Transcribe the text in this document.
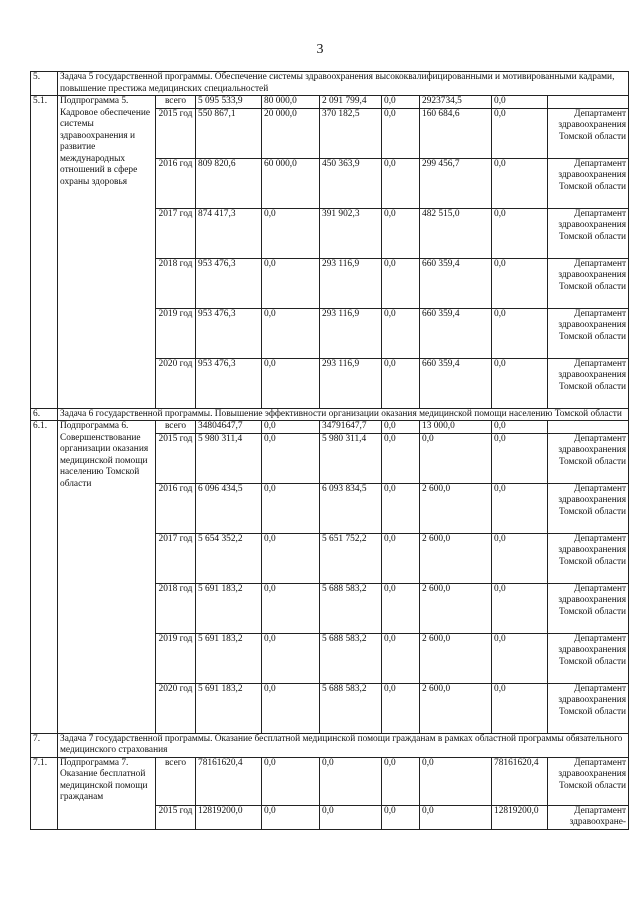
3
5.	Задача 5 государственной программы. Обеспечение системы здравоохранения высококвалифицированными и мотивированными кадрами, повышение престижа медицинских специальностей								
5.1.	Подпрограмма 5. Кадровое обеспечение системы здравоохранения и развитие международных отношений в сфере охраны здоровья	всего	5 095 533,9	80 000,0	2 091 799,4	0,0	2923734,5	0,0	
		2015 год	550 867,1	20 000,0	370 182,5	0,0	160 684,6	0,0	Департамент здравоохранения Томской области
		2016 год	809 820,6	60 000,0	450 363,9	0,0	299 456,7	0,0	Департамент здравоохранения Томской области
		2017 год	874 417,3	0,0	391 902,3	0,0	482 515,0	0,0	Департамент здравоохранения Томской области
		2018 год	953 476,3	0,0	293 116,9	0,0	660 359,4	0,0	Департамент здравоохранения Томской области
		2019 год	953 476,3	0,0	293 116,9	0,0	660 359,4	0,0	Департамент здравоохранения Томской области
		2020 год	953 476,3	0,0	293 116,9	0,0	660 359,4	0,0	Департамент здравоохранения Томской области
6.	Задача 6 государственной программы. Повышение эффективности организации оказания медицинской помощи населению Томской области								
6.1.	Подпрограмма 6. Совершенствование организации оказания медицинской помощи населению Томской области	всего	34804647,7	0,0	34791647,7	0,0	13 000,0	0,0	
		2015 год	5 980 311,4	0,0	5 980 311,4	0,0	0,0	0,0	Департамент здравоохранения Томской области
		2016 год	6 096 434,5	0,0	6 093 834,5	0,0	2 600,0	0,0	Департамент здравоохранения Томской области
		2017 год	5 654 352,2	0,0	5 651 752,2	0,0	2 600,0	0,0	Департамент здравоохранения Томской области
		2018 год	5 691 183,2	0,0	5 688 583,2	0,0	2 600,0	0,0	Департамент здравоохранения Томской области
		2019 год	5 691 183,2	0,0	5 688 583,2	0,0	2 600,0	0,0	Департамент здравоохранения Томской области
		2020 год	5 691 183,2	0,0	5 688 583,2	0,0	2 600,0	0,0	Департамент здравоохранения Томской области
7.	Задача 7 государственной программы. Оказание бесплатной медицинской помощи гражданам в рамках областной программы обязательного медицинского страхования								
7.1.	Подпрограмма 7. Оказание бесплатной медицинской помощи гражданам	всего	78161620,4	0,0	0,0	0,0	0,0	78161620,4	Департамент здравоохранения Томской области
		2015 год	12819200,0	0,0	0,0	0,0	0,0	12819200,0	Департамент здравоохране-
